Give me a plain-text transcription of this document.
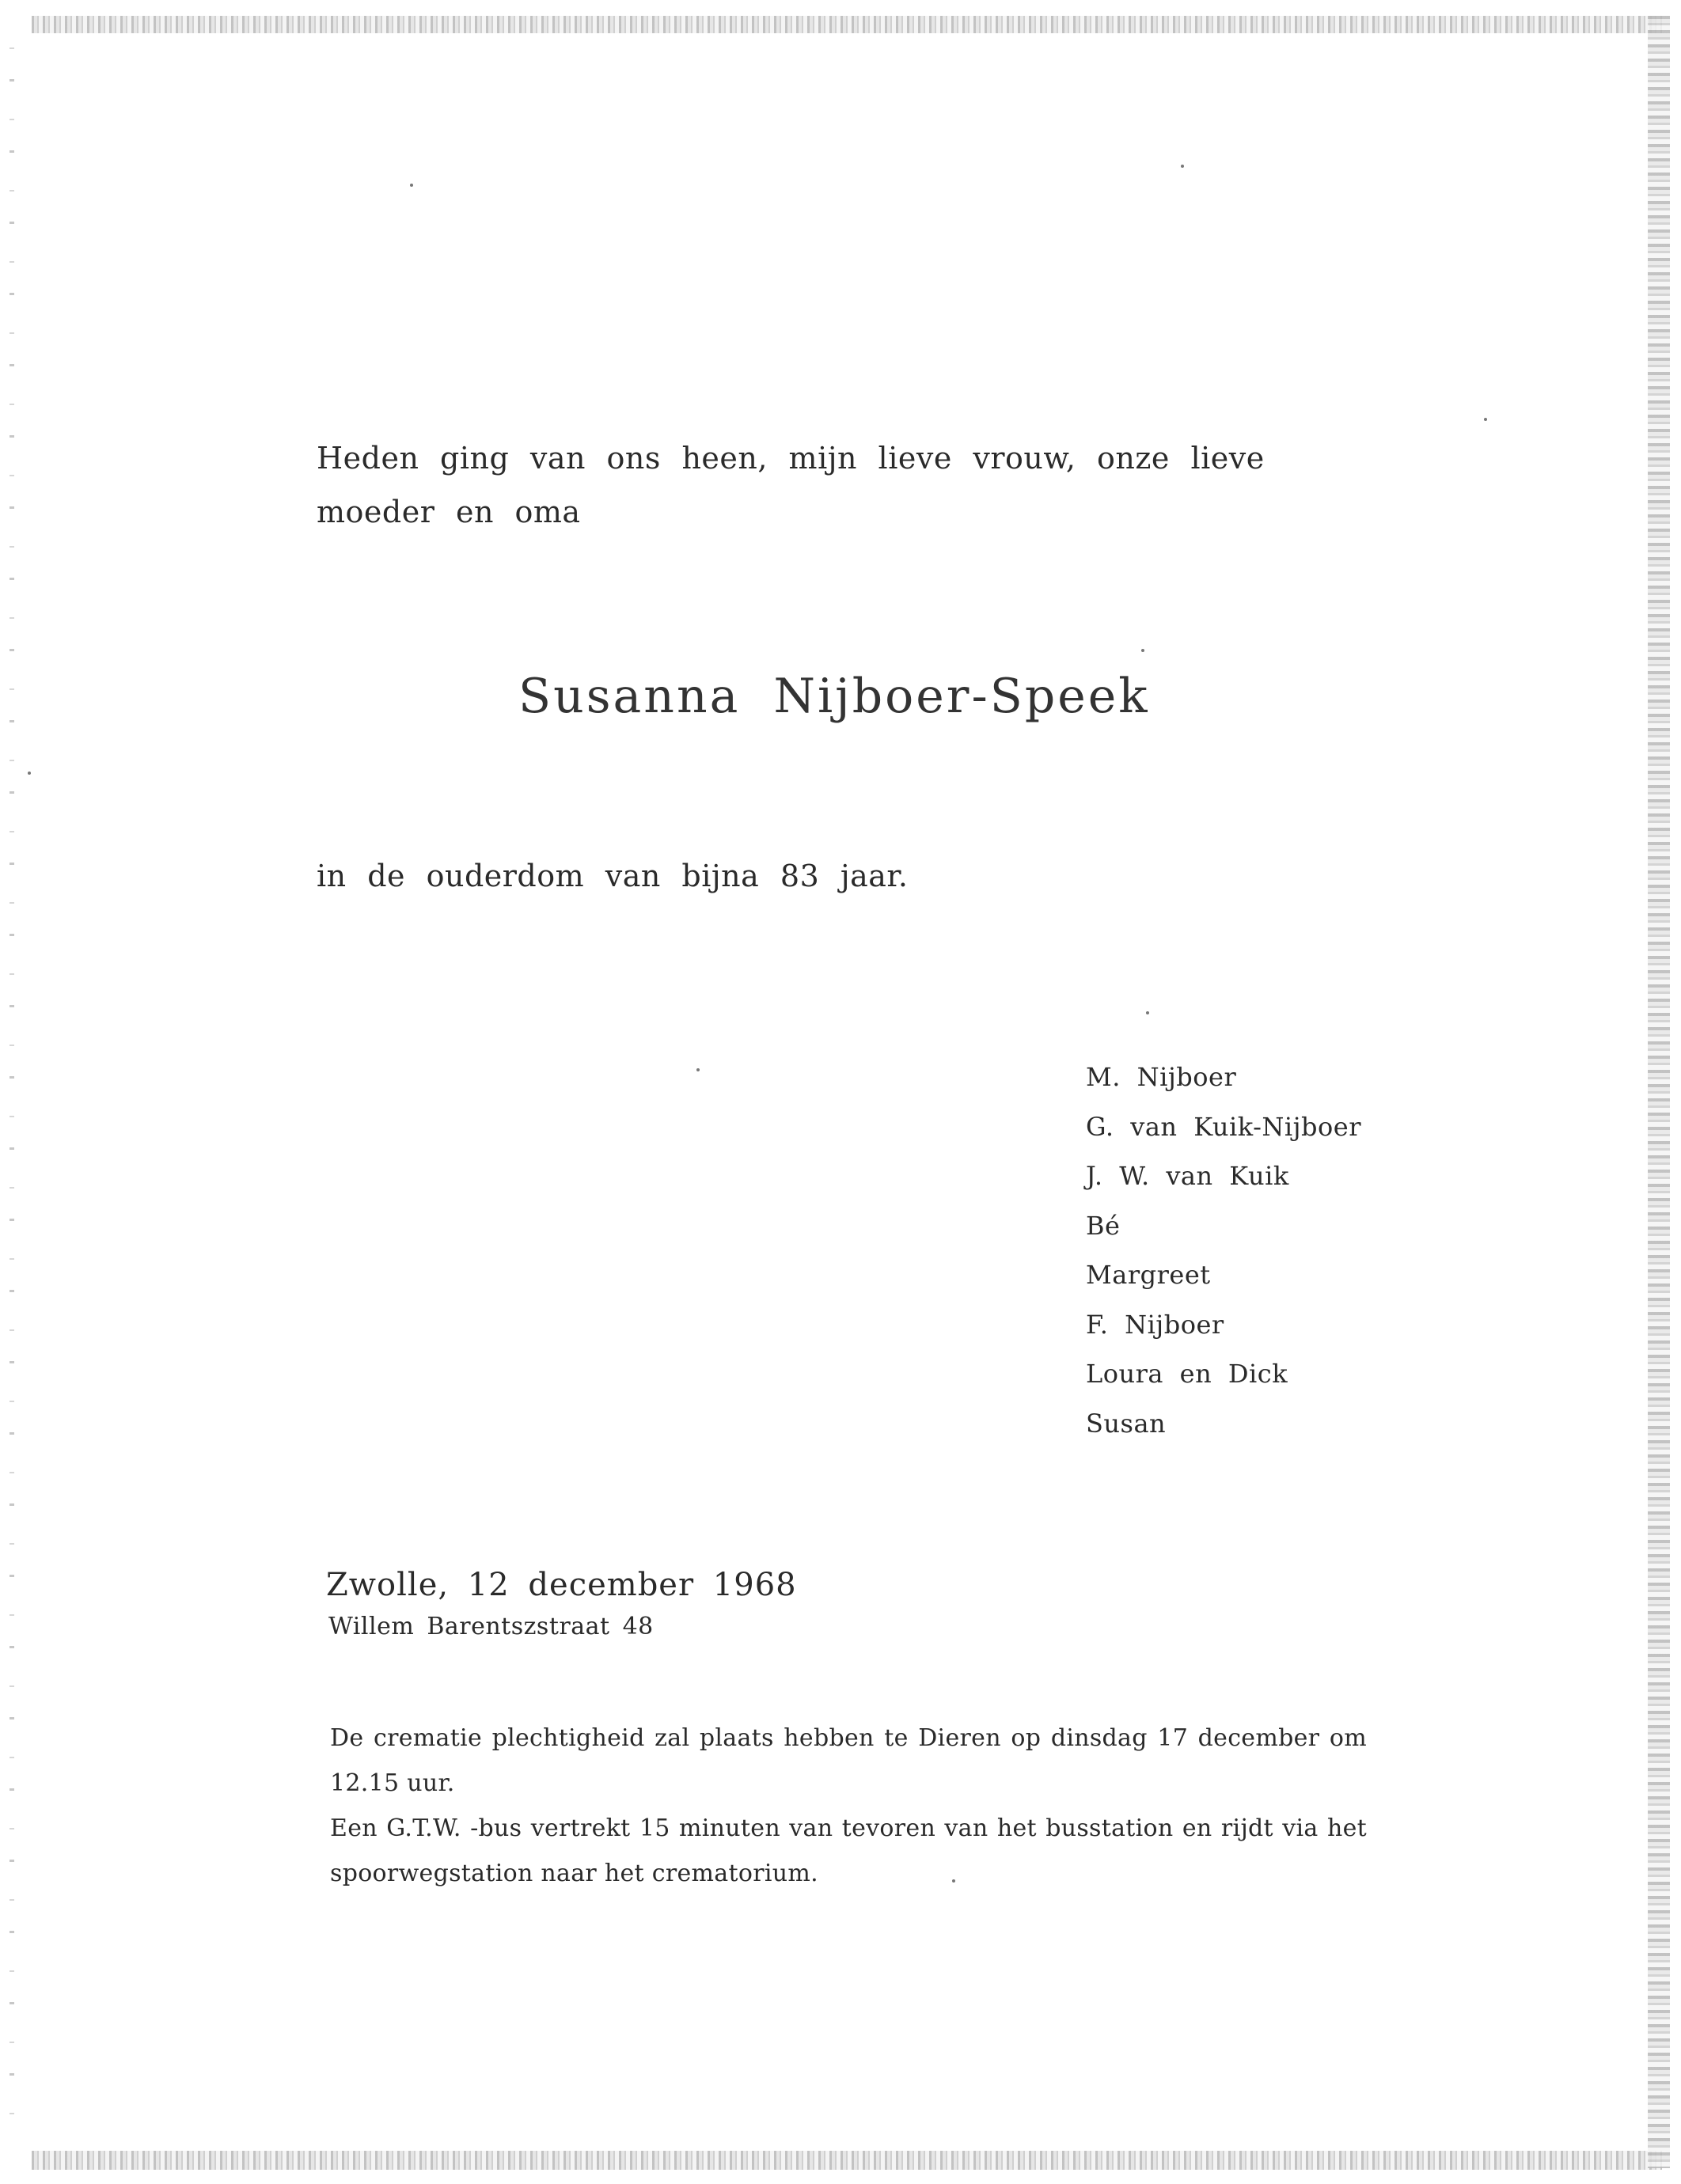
Heden ging van ons heen, mijn lieve vrouw, onze lieve moeder en oma
Susanna Nijboer-Speek
in de ouderdom van bijna 83 jaar.
M. Nijboer
G. van Kuik-Nijboer
J. W. van Kuik
Bé
Margreet
F. Nijboer
Loura en Dick
Susan
Zwolle, 12 december 1968
Willem Barentszstraat 48
De crematie plechtigheid zal plaats hebben te Dieren op dinsdag 17 december om 12.15 uur.
Een G.T.W. -bus vertrekt 15 minuten van tevoren van het busstation en rijdt via het spoorwegstation naar het crematorium.
